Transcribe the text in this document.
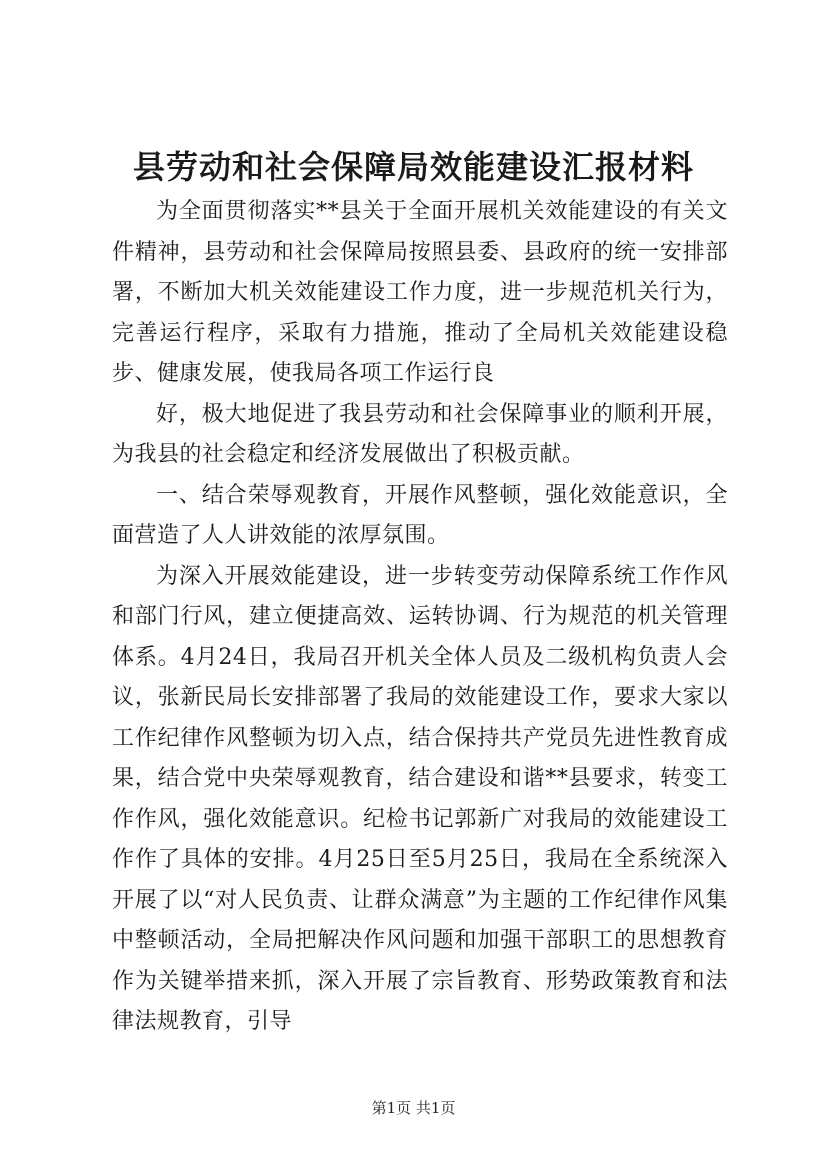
县劳动和社会保障局效能建设汇报材料

为全面贯彻落实**县关于全面开展机关效能建设的有关文件精神，县劳动和社会保障局按照县委、县政府的统一安排部署，不断加大机关效能建设工作力度，进一步规范机关行为，完善运行程序，采取有力措施，推动了全局机关效能建设稳步、健康发展，使我局各项工作运行良

好，极大地促进了我县劳动和社会保障事业的顺利开展，为我县的社会稳定和经济发展做出了积极贡献。

一、结合荣辱观教育，开展作风整顿，强化效能意识，全面营造了人人讲效能的浓厚氛围。

为深入开展效能建设，进一步转变劳动保障系统工作作风和部门行风，建立便捷高效、运转协调、行为规范的机关管理体系。4月24日，我局召开机关全体人员及二级机构负责人会议，张新民局长安排部署了我局的效能建设工作，要求大家以工作纪律作风整顿为切入点，结合保持共产党员先进性教育成果，结合党中央荣辱观教育，结合建设和谐**县要求，转变工作作风，强化效能意识。纪检书记郭新广对我局的效能建设工作作了具体的安排。4月25日至5月25日，我局在全系统深入开展了以“对人民负责、让群众满意”为主题的工作纪律作风集中整顿活动，全局把解决作风问题和加强干部职工的思想教育作为关键举措来抓，深入开展了宗旨教育、形势政策教育和法律法规教育，引导

第1页 共1页
